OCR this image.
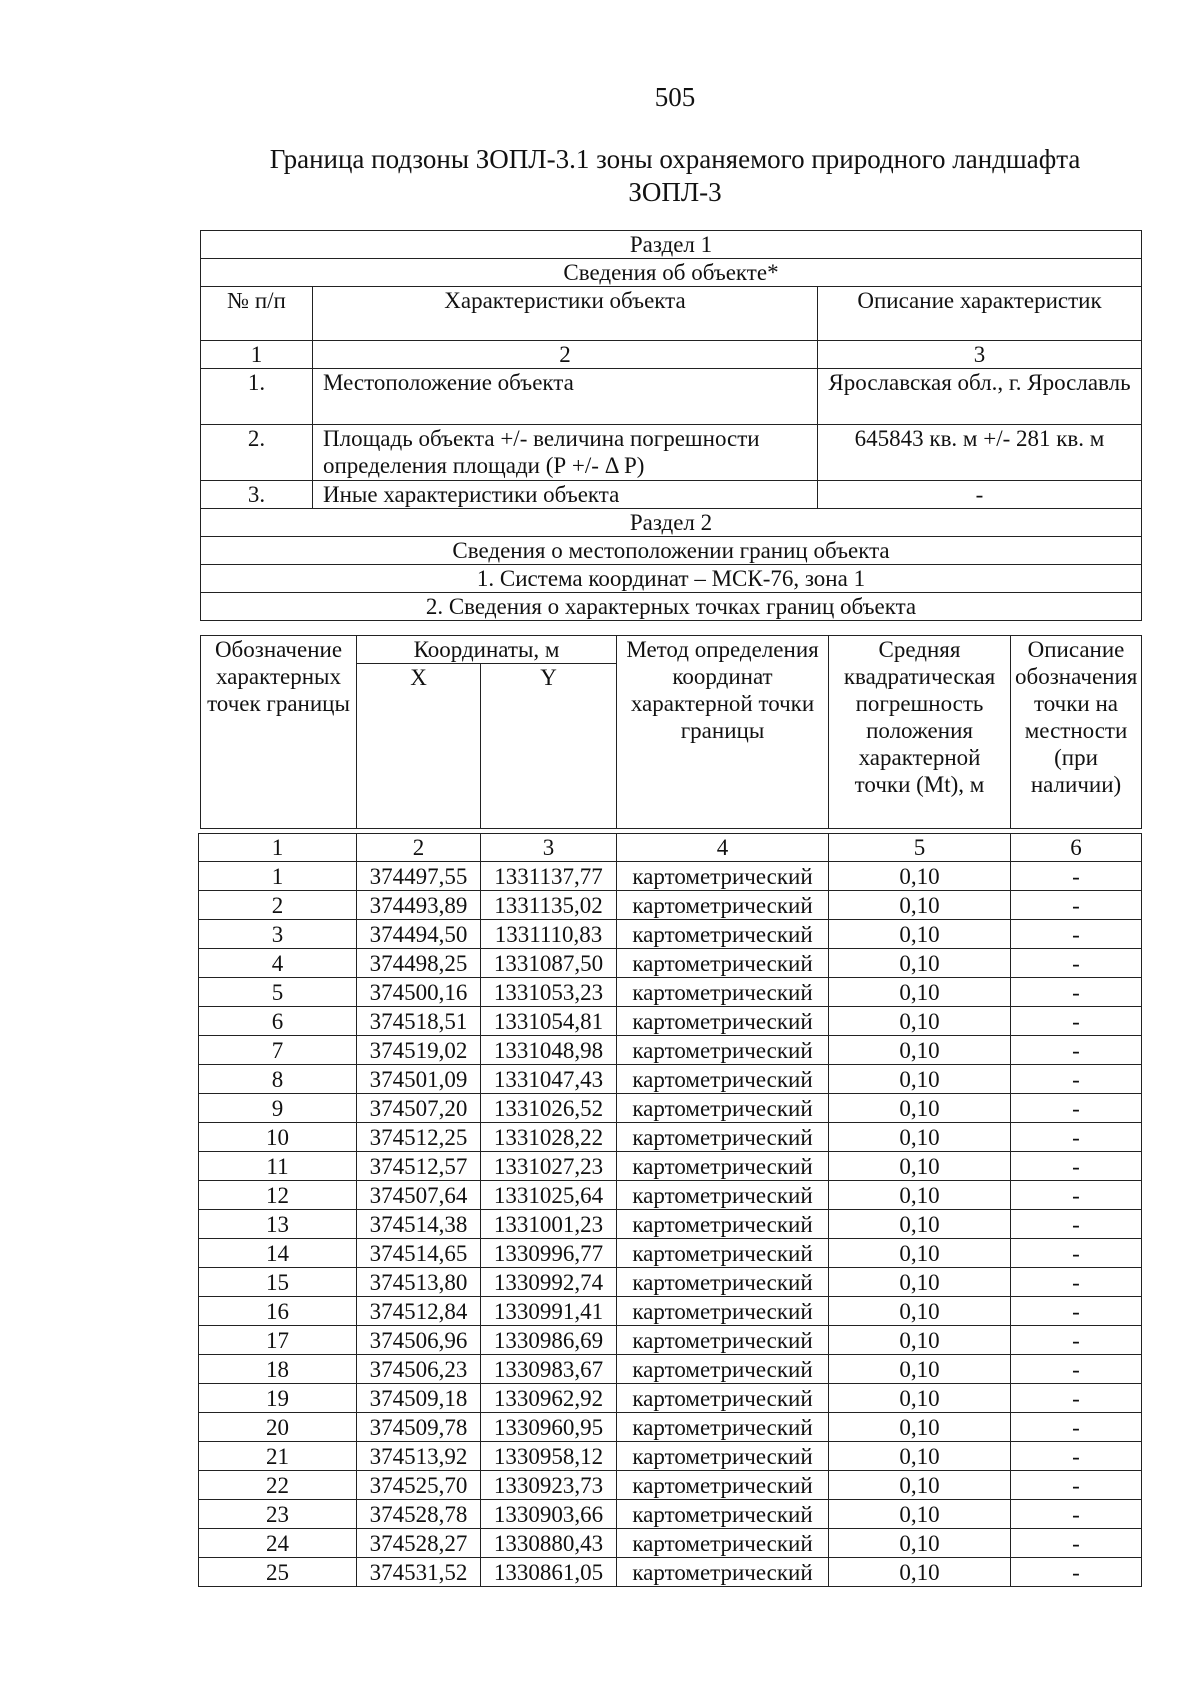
505
Граница подзоны ЗОПЛ-3.1 зоны охраняемого природного ландшафта
ЗОПЛ-3
Раздел 1		
Сведения об объекте*		
№ п/п	Характеристики объекта	Описание характеристик
1	2	3
1.	Местоположение объекта	Ярославская обл., г. Ярославль
2.	Площадь объекта +/- величина погрешности определения площади (Р +/- Δ Р)	645843 кв. м +/- 281 кв. м
3.	Иные характеристики объекта	-
Раздел 2		
Сведения о местоположении границ объекта		
1. Система координат – МСК-76, зона 1		
2. Сведения о характерных точках границ объекта		
Обозначение характерных точек границы	Координаты, м		Метод определения координат характерной точки границы	Средняя квадратическая погрешность положения характерной точки (Mt), м	Описание обозначения точки на местности (при наличии)
	X	Y			
1	2	3	4	5	6
1	374497,55	1331137,77	картометрический	0,10	-
2	374493,89	1331135,02	картометрический	0,10	-
3	374494,50	1331110,83	картометрический	0,10	-
4	374498,25	1331087,50	картометрический	0,10	-
5	374500,16	1331053,23	картометрический	0,10	-
6	374518,51	1331054,81	картометрический	0,10	-
7	374519,02	1331048,98	картометрический	0,10	-
8	374501,09	1331047,43	картометрический	0,10	-
9	374507,20	1331026,52	картометрический	0,10	-
10	374512,25	1331028,22	картометрический	0,10	-
11	374512,57	1331027,23	картометрический	0,10	-
12	374507,64	1331025,64	картометрический	0,10	-
13	374514,38	1331001,23	картометрический	0,10	-
14	374514,65	1330996,77	картометрический	0,10	-
15	374513,80	1330992,74	картометрический	0,10	-
16	374512,84	1330991,41	картометрический	0,10	-
17	374506,96	1330986,69	картометрический	0,10	-
18	374506,23	1330983,67	картометрический	0,10	-
19	374509,18	1330962,92	картометрический	0,10	-
20	374509,78	1330960,95	картометрический	0,10	-
21	374513,92	1330958,12	картометрический	0,10	-
22	374525,70	1330923,73	картометрический	0,10	-
23	374528,78	1330903,66	картометрический	0,10	-
24	374528,27	1330880,43	картометрический	0,10	-
25	374531,52	1330861,05	картометрический	0,10	-
